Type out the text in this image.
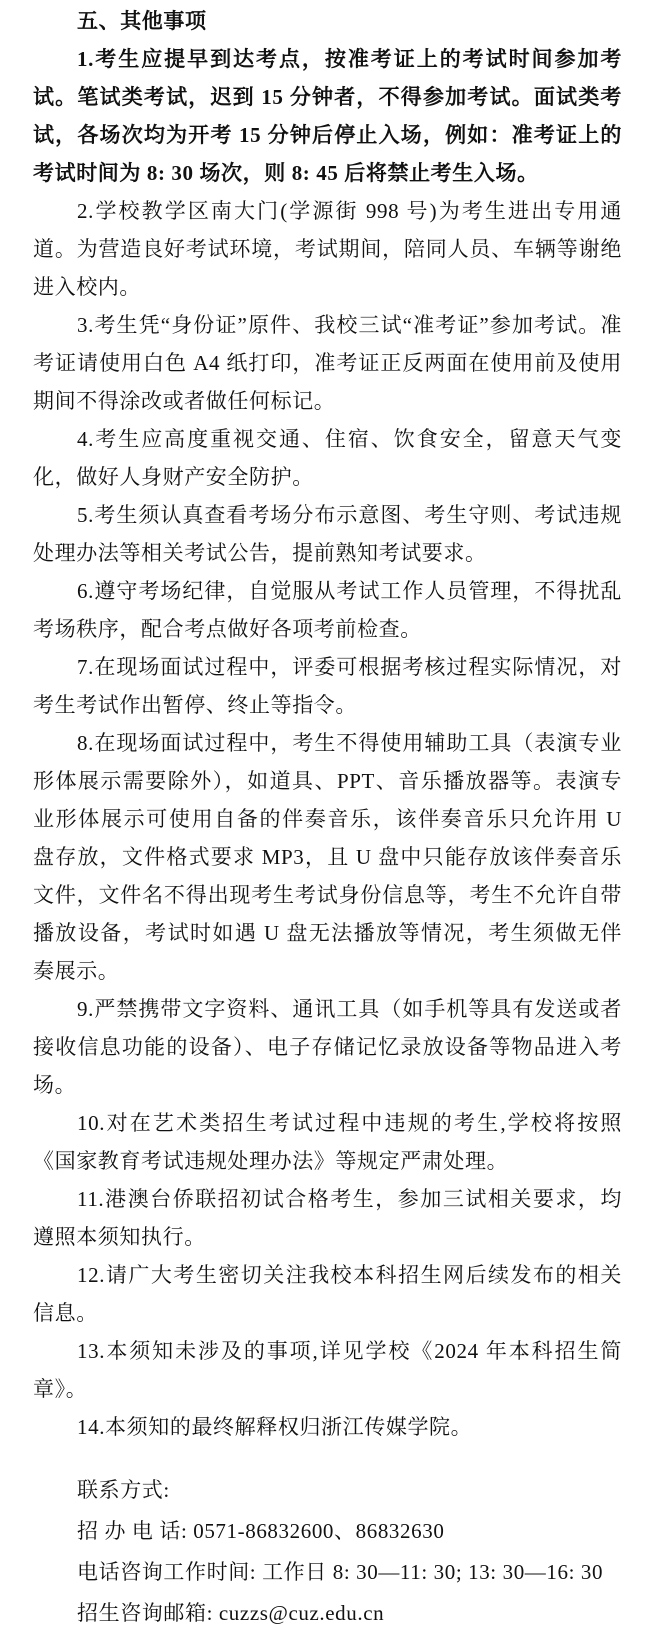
五、其他事项

1.考生应提早到达考点，按准考证上的考试时间参加考试。笔试类考试，迟到 15 分钟者，不得参加考试。面试类考试，各场次均为开考 15 分钟后停止入场，例如：准考证上的考试时间为 8: 30 场次，则 8: 45 后将禁止考生入场。

2.学校教学区南大门(学源街 998 号)为考生进出专用通道。为营造良好考试环境，考试期间，陪同人员、车辆等谢绝进入校内。

3.考生凭“身份证”原件、我校三试“准考证”参加考试。准考证请使用白色 A4 纸打印，准考证正反两面在使用前及使用期间不得涂改或者做任何标记。

4.考生应高度重视交通、住宿、饮食安全，留意天气变化，做好人身财产安全防护。

5.考生须认真查看考场分布示意图、考生守则、考试违规处理办法等相关考试公告，提前熟知考试要求。

6.遵守考场纪律，自觉服从考试工作人员管理，不得扰乱考场秩序，配合考点做好各项考前检查。

7.在现场面试过程中，评委可根据考核过程实际情况，对考生考试作出暂停、终止等指令。

8.在现场面试过程中，考生不得使用辅助工具（表演专业形体展示需要除外），如道具、PPT、音乐播放器等。表演专业形体展示可使用自备的伴奏音乐，该伴奏音乐只允许用 U 盘存放，文件格式要求 MP3，且 U 盘中只能存放该伴奏音乐文件，文件名不得出现考生考试身份信息等，考生不允许自带播放设备，考试时如遇 U 盘无法播放等情况，考生须做无伴奏展示。

9.严禁携带文字资料、通讯工具（如手机等具有发送或者接收信息功能的设备）、电子存储记忆录放设备等物品进入考场。

10.对在艺术类招生考试过程中违规的考生,学校将按照《国家教育考试违规处理办法》等规定严肃处理。

11.港澳台侨联招初试合格考生，参加三试相关要求，均遵照本须知执行。

12.请广大考生密切关注我校本科招生网后续发布的相关信息。

13.本须知未涉及的事项,详见学校《2024 年本科招生简章》。

14.本须知的最终解释权归浙江传媒学院。

联系方式:

招 办 电 话: 0571-86832600、86832630

电话咨询工作时间: 工作日 8: 30—11: 30; 13: 30—16: 30

招生咨询邮箱: cuzzs@cuz.edu.cn
